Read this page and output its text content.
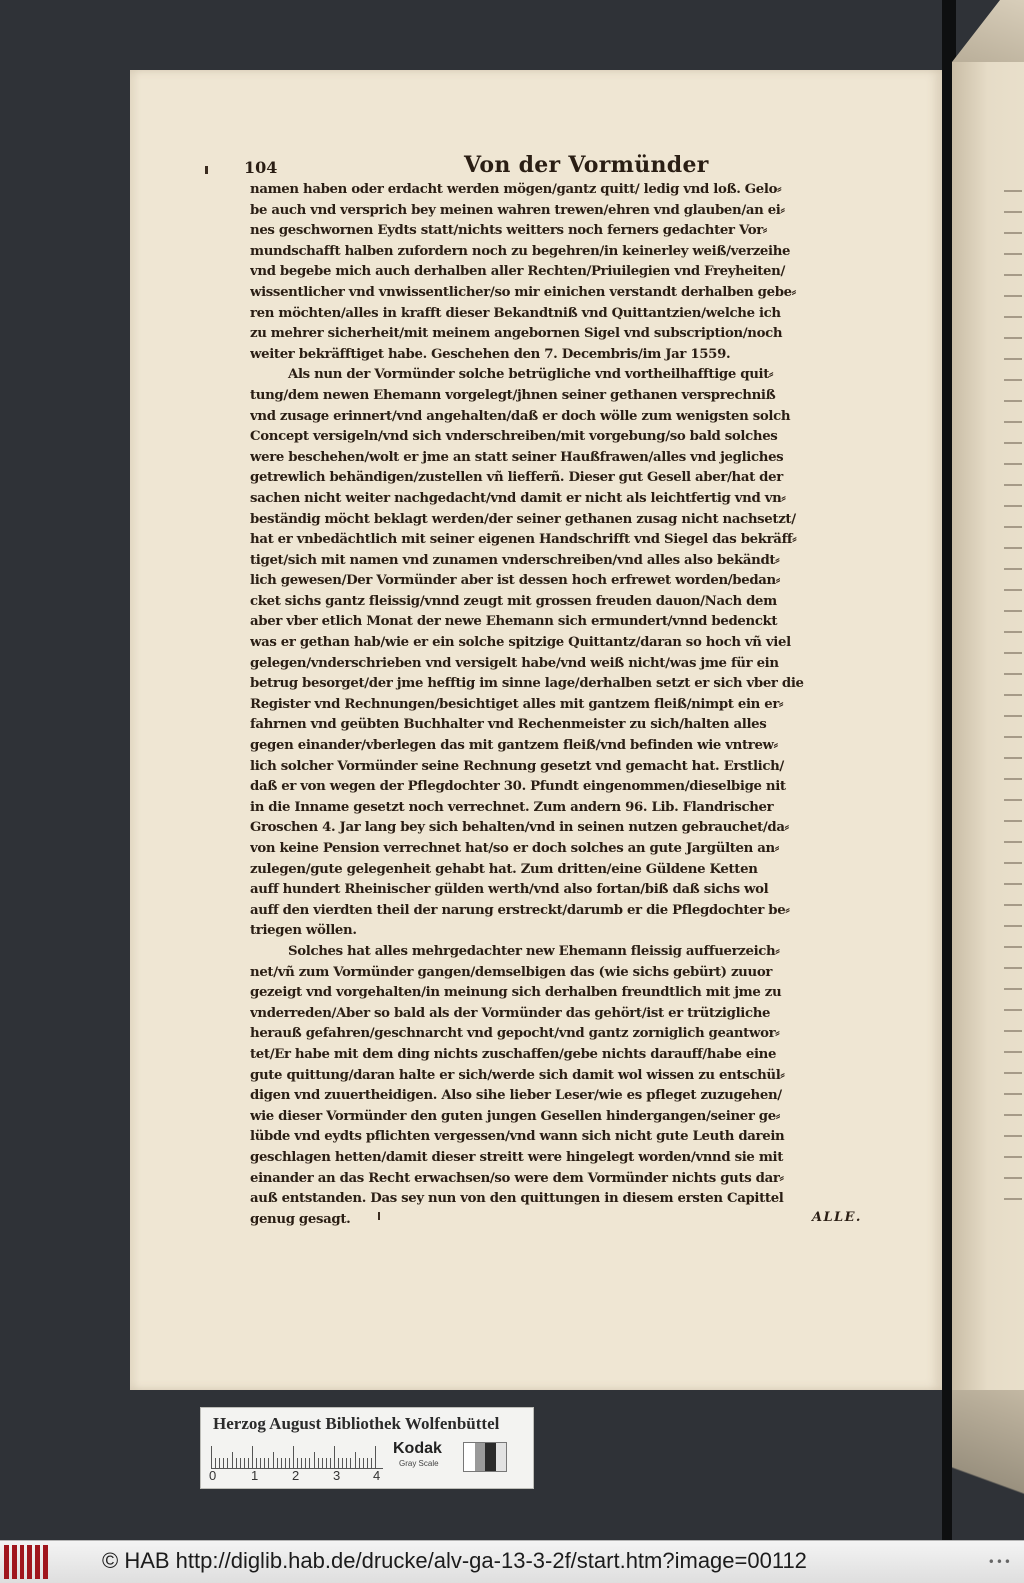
104	Von der Vormünder
namen haben oder erdacht werden mögen/gantz quitt/ ledig vnd loß. Gelo⸗
be auch vnd versprich bey meinen wahren trewen/ehren vnd glauben/an ei⸗
nes geschwornen Eydts statt/nichts weitters noch ferners gedachter Vor⸗
mundschafft halben zufordern noch zu begehren/in keinerley weiß/verzeihe
vnd begebe mich auch derhalben aller Rechten/Priuilegien vnd Freyheiten/
wissentlicher vnd vnwissentlicher/so mir einichen verstandt derhalben gebe⸗
ren möchten/alles in krafft dieser Bekandtniß vnd Quittantzien/welche ich
zu mehrer sicherheit/mit meinem angebornen Sigel vnd subscription/noch
weiter bekräfftiget habe. Geschehen den 7. Decembris/im Jar 1559.
Als nun der Vormünder solche betrügliche vnd vortheilhafftige quit⸗
tung/dem newen Ehemann vorgelegt/jhnen seiner gethanen versprechniß
vnd zusage erinnert/vnd angehalten/daß er doch wölle zum wenigsten solch
Concept versigeln/vnd sich vnderschreiben/mit vorgebung/so bald solches
were beschehen/wolt er jme an statt seiner Haußfrawen/alles vnd jegliches
getrewlich behändigen/zustellen vñ liefferñ. Dieser gut Gesell aber/hat der
sachen nicht weiter nachgedacht/vnd damit er nicht als leichtfertig vnd vn⸗
beständig möcht beklagt werden/der seiner gethanen zusag nicht nachsetzt/
hat er vnbedächtlich mit seiner eigenen Handschrifft vnd Siegel das bekräff⸗
tiget/sich mit namen vnd zunamen vnderschreiben/vnd alles also bekändt⸗
lich gewesen/Der Vormünder aber ist dessen hoch erfrewet worden/bedan⸗
cket sichs gantz fleissig/vnnd zeugt mit grossen freuden dauon/Nach dem
aber vber etlich Monat der newe Ehemann sich ermundert/vnnd bedenckt
was er gethan hab/wie er ein solche spitzige Quittantz/daran so hoch vñ viel
gelegen/vnderschrieben vnd versigelt habe/vnd weiß nicht/was jme für ein
betrug besorget/der jme hefftig im sinne lage/derhalben setzt er sich vber die
Register vnd Rechnungen/besichtiget alles mit gantzem fleiß/nimpt ein er⸗
fahrnen vnd geübten Buchhalter vnd Rechenmeister zu sich/halten alles
gegen einander/vberlegen das mit gantzem fleiß/vnd befinden wie vntrew⸗
lich solcher Vormünder seine Rechnung gesetzt vnd gemacht hat. Erstlich/
daß er von wegen der Pflegdochter 30. Pfundt eingenommen/dieselbige nit
in die Inname gesetzt noch verrechnet. Zum andern 96. Lib. Flandrischer
Groschen 4. Jar lang bey sich behalten/vnd in seinen nutzen gebrauchet/da⸗
von keine Pension verrechnet hat/so er doch solches an gute Jargülten an⸗
zulegen/gute gelegenheit gehabt hat. Zum dritten/eine Güldene Ketten
auff hundert Rheinischer gülden werth/vnd also fortan/biß daß sichs wol
auff den vierdten theil der narung erstreckt/darumb er die Pflegdochter be⸗
triegen wöllen.
Solches hat alles mehrgedachter new Ehemann fleissig auffuerzeich⸗
net/vñ zum Vormünder gangen/demselbigen das (wie sichs gebürt) zuuor
gezeigt vnd vorgehalten/in meinung sich derhalben freundtlich mit jme zu
vnderreden/Aber so bald als der Vormünder das gehört/ist er trützigliche
herauß gefahren/geschnarcht vnd gepocht/vnd gantz zorniglich geantwor⸗
tet/Er habe mit dem ding nichts zuschaffen/gebe nichts darauff/habe eine
gute quittung/daran halte er sich/werde sich damit wol wissen zu entschül⸗
digen vnd zuuertheidigen. Also sihe lieber Leser/wie es pfleget zuzugehen/
wie dieser Vormünder den guten jungen Gesellen hindergangen/seiner ge⸗
lübde vnd eydts pflichten vergessen/vnd wann sich nicht gute Leuth darein
geschlagen hetten/damit dieser streitt were hingelegt worden/vnnd sie mit
einander an das Recht erwachsen/so were dem Vormünder nichts guts dar⸗
auß entstanden. Das sey nun von den quittungen in diesem ersten Capittel
genug gesagt.	ALLE.
Herzog August Bibliothek Wolfenbüttel
0	1	2	3	4
Kodak
Gray Scale
© HAB http://diglib.hab.de/drucke/alv-ga-13-3-2f/start.htm?image=00112	•••
